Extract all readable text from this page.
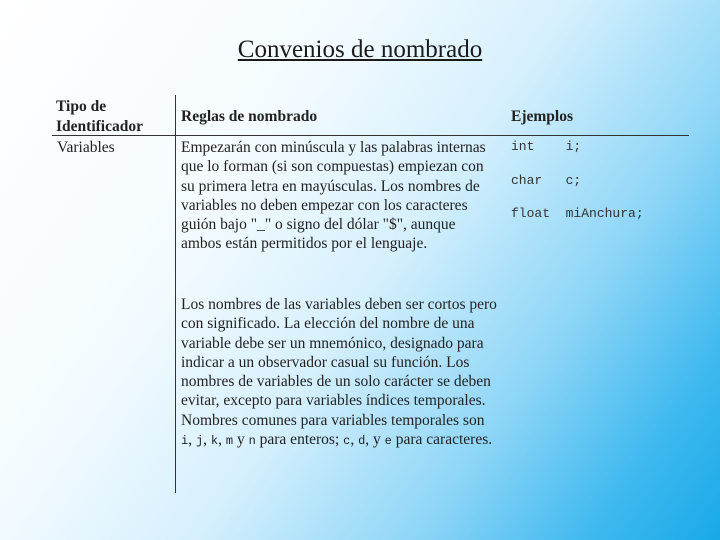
Convenios de nombrado
Tipo de
Identificador
Reglas de nombrado	Ejemplos
Variables	Empezarán con minúscula y las palabras internas que lo forman (si son compuestas) empiezan con su primera letra en mayúsculas. Los nombres de variables no deben empezar con los caracteres guión bajo "_" o signo del dólar "$", aunque ambos están permitidos por el lenguaje.
Los nombres de las variables deben ser cortos pero con significado. La elección del nombre de una variable debe ser un mnemónico, designado para indicar a un observador casual su función. Los nombres de variables de un solo carácter se deben evitar, excepto para variables índices temporales. Nombres comunes para variables temporales son i, j, k, m y n para enteros; c, d, y e para caracteres.
int    i;
char   c;
float  miAnchura;
